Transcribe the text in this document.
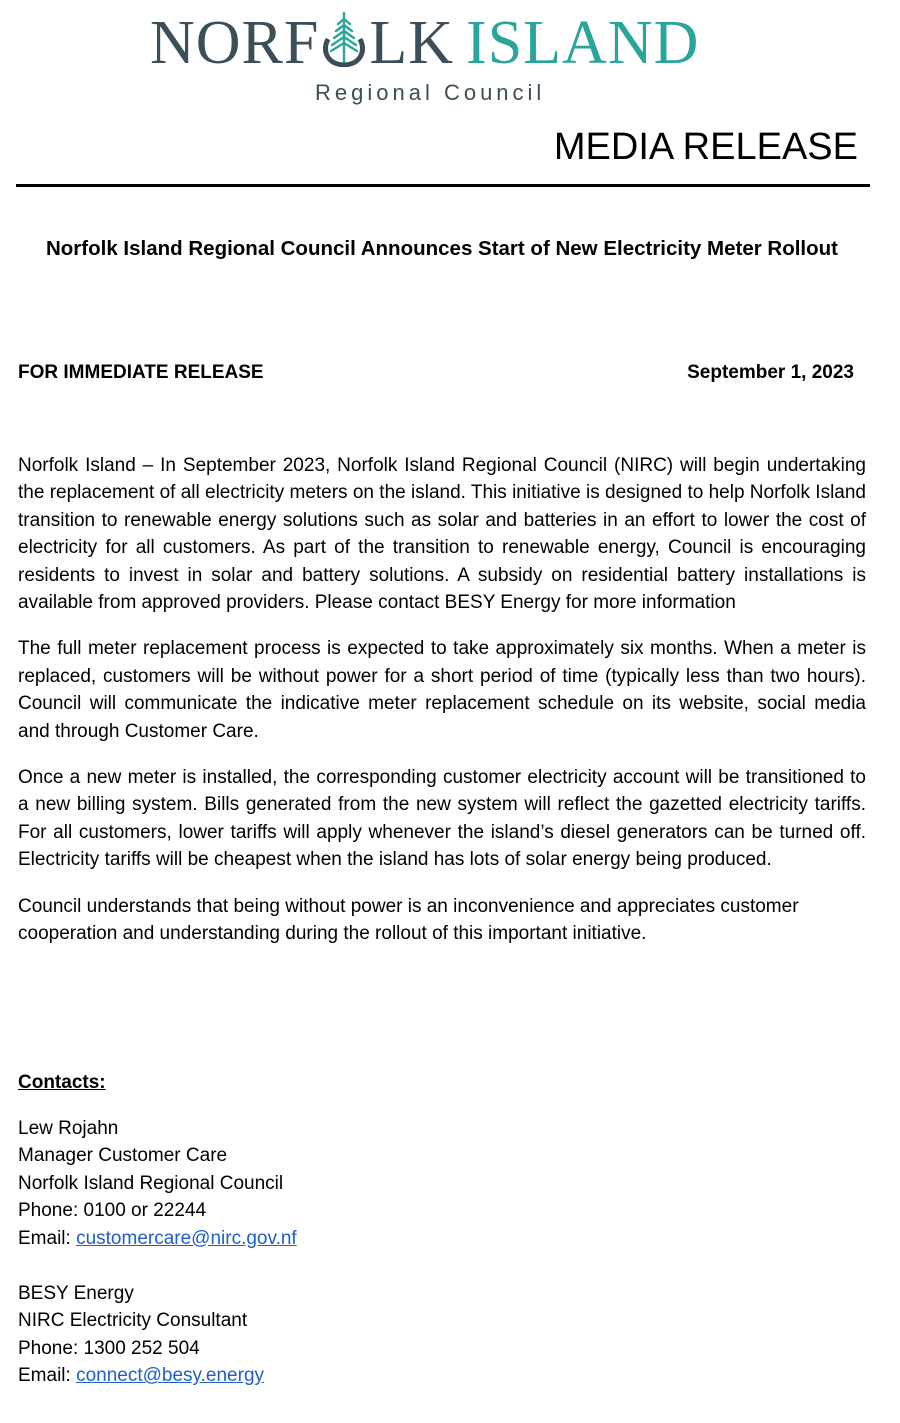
NORF LK ISLAND
Regional Council
MEDIA RELEASE
Norfolk Island Regional Council Announces Start of New Electricity Meter Rollout
FOR IMMEDIATE RELEASE	September 1, 2023

Norfolk Island – In September 2023, Norfolk Island Regional Council (NIRC) will begin undertaking the replacement of all electricity meters on the island. This initiative is designed to help Norfolk Island transition to renewable energy solutions such as solar and batteries in an effort to lower the cost of electricity for all customers. As part of the transition to renewable energy, Council is encouraging residents to invest in solar and battery solutions. A subsidy on residential battery installations is available from approved providers. Please contact BESY Energy for more information

The full meter replacement process is expected to take approximately six months. When a meter is replaced, customers will be without power for a short period of time (typically less than two hours). Council will communicate the indicative meter replacement schedule on its website, social media and through Customer Care.

Once a new meter is installed, the corresponding customer electricity account will be transitioned to a new billing system. Bills generated from the new system will reflect the gazetted electricity tariffs. For all customers, lower tariffs will apply whenever the island’s diesel generators can be turned off. Electricity tariffs will be cheapest when the island has lots of solar energy being produced.

Council understands that being without power is an inconvenience and appreciates customer cooperation and understanding during the rollout of this important initiative.

Contacts:
Lew Rojahn
Manager Customer Care
Norfolk Island Regional Council
Phone: 0100 or 22244
Email: customercare@nirc.gov.nf
BESY Energy
NIRC Electricity Consultant
Phone: 1300 252 504
Email: connect@besy.energy
